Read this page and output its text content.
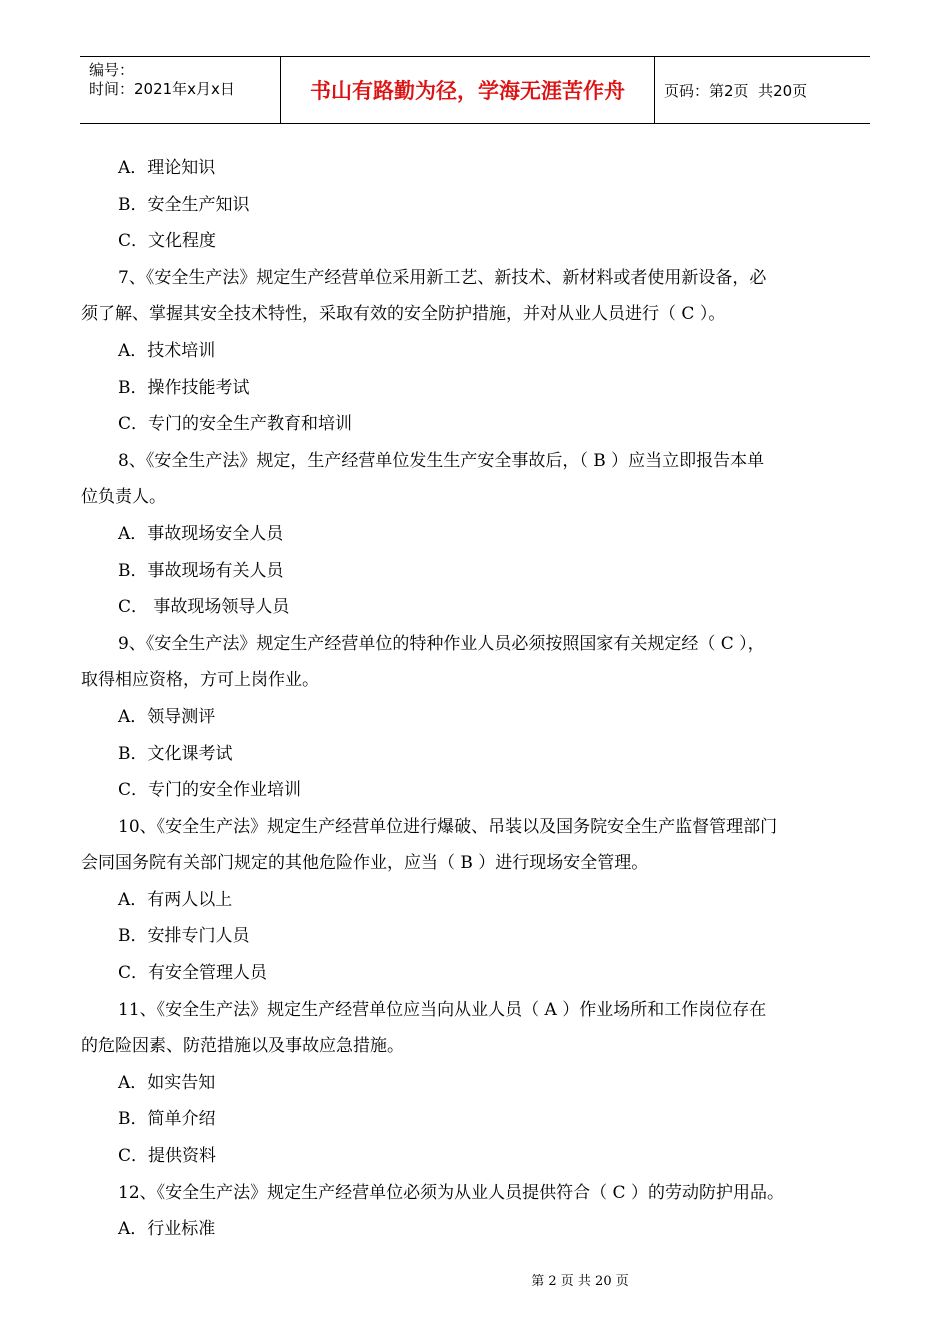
编号：
时间：2021年x月x日	书山有路勤为径，学海无涯苦作舟	页码：第2页  共20页
A．理论知识
B．安全生产知识
C．文化程度
7、《安全生产法》规定生产经营单位采用新工艺、新技术、新材料或者使用新设备，必
须了解、掌握其安全技术特性，采取有效的安全防护措施，并对从业人员进行（ C ）。
A．技术培训
B．操作技能考试
C．专门的安全生产教育和培训
8、《安全生产法》规定，生产经营单位发生生产安全事故后，（ B ）应当立即报告本单
位负责人。
A．事故现场安全人员
B．事故现场有关人员
C． 事故现场领导人员
9、《安全生产法》规定生产经营单位的特种作业人员必须按照国家有关规定经（ C ），
取得相应资格，方可上岗作业。
A．领导测评
B．文化课考试
C．专门的安全作业培训
10、《安全生产法》规定生产经营单位进行爆破、吊装以及国务院安全生产监督管理部门
会同国务院有关部门规定的其他危险作业，应当（ B ）进行现场安全管理。
A．有两人以上
B．安排专门人员
C．有安全管理人员
11、《安全生产法》规定生产经营单位应当向从业人员（ A ）作业场所和工作岗位存在
的危险因素、防范措施以及事故应急措施。
A．如实告知
B．简单介绍
C．提供资料
12、《安全生产法》规定生产经营单位必须为从业人员提供符合（ C ）的劳动防护用品。
A．行业标准
第 2 页 共 20 页
